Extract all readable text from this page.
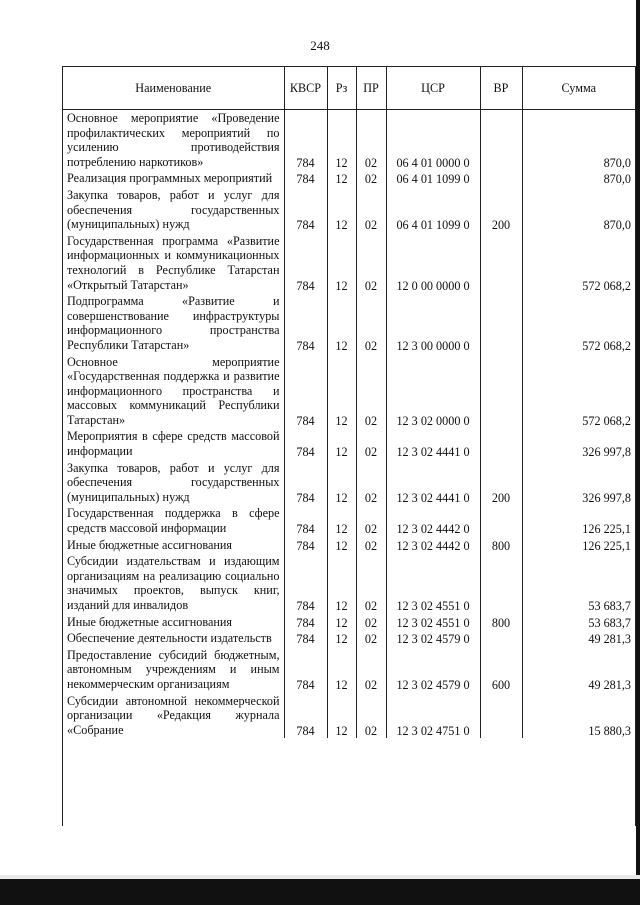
248
Наименование	КВСР	Рз	ПР	ЦСР	ВР	Сумма
Основное мероприятие «Проведение профилактических мероприятий по усилению противодействия потреблению наркотиков»	784	12	02	06 4 01 0000 0		870,0
Реализация программных мероприятий	784	12	02	06 4 01 1099 0		870,0
Закупка товаров, работ и услуг для обеспечения государственных (муниципальных) нужд	784	12	02	06 4 01 1099 0	200	870,0
Государственная программа «Развитие информационных и коммуникационных технологий в Республике Татарстан «Открытый Татарстан»	784	12	02	12 0 00 0000 0		572 068,2
Подпрограмма «Развитие и совершенствование инфраструктуры информационного пространства Республики Татарстан»	784	12	02	12 3 00 0000 0		572 068,2
Основное мероприятие «Государственная поддержка и развитие информационного пространства и массовых коммуникаций Республики Татарстан»	784	12	02	12 3 02 0000 0		572 068,2
Мероприятия в сфере средств массовой информации	784	12	02	12 3 02 4441 0		326 997,8
Закупка товаров, работ и услуг для обеспечения государственных (муниципальных) нужд	784	12	02	12 3 02 4441 0	200	326 997,8
Государственная поддержка в сфере средств массовой информации	784	12	02	12 3 02 4442 0		126 225,1
Иные бюджетные ассигнования	784	12	02	12 3 02 4442 0	800	126 225,1
Субсидии издательствам и издающим организациям на реализацию социально значимых проектов, выпуск книг, изданий для инвалидов	784	12	02	12 3 02 4551 0		53 683,7
Иные бюджетные ассигнования	784	12	02	12 3 02 4551 0	800	53 683,7
Обеспечение деятельности издательств	784	12	02	12 3 02 4579 0		49 281,3
Предоставление субсидий бюджетным, автономным учреждениям и иным некоммерческим организациям	784	12	02	12 3 02 4579 0	600	49 281,3
Субсидии автономной некоммерческой организации «Редакция журнала «Собрание	784	12	02	12 3 02 4751 0		15 880,3
